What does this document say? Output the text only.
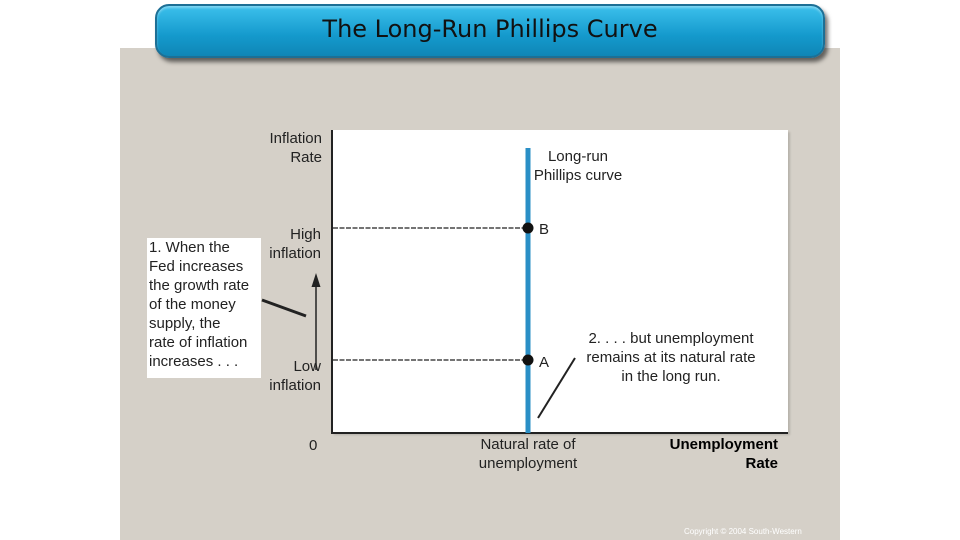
The Long-Run Phillips Curve
Inflation
Rate
High
inflation
Low
inflation
0
Long-run
Phillips curve
B
A
Natural rate of
unemployment
Unemployment
Rate
1. When the
Fed increases
the growth rate
of the money
supply, the
rate of inflation
increases . . .
2. . . . but unemployment
remains at its natural rate
in the long run.
Copyright © 2004 South-Western
